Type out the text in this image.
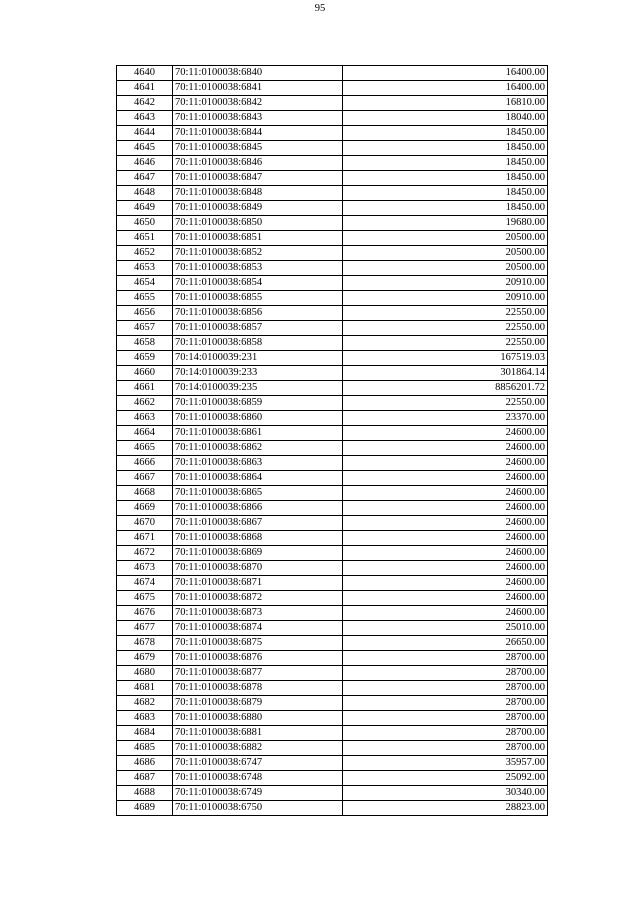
95
4640	70:11:0100038:6840	16400.00
4641	70:11:0100038:6841	16400.00
4642	70:11:0100038:6842	16810.00
4643	70:11:0100038:6843	18040.00
4644	70:11:0100038:6844	18450.00
4645	70:11:0100038:6845	18450.00
4646	70:11:0100038:6846	18450.00
4647	70:11:0100038:6847	18450.00
4648	70:11:0100038:6848	18450.00
4649	70:11:0100038:6849	18450.00
4650	70:11:0100038:6850	19680.00
4651	70:11:0100038:6851	20500.00
4652	70:11:0100038:6852	20500.00
4653	70:11:0100038:6853	20500.00
4654	70:11:0100038:6854	20910.00
4655	70:11:0100038:6855	20910.00
4656	70:11:0100038:6856	22550.00
4657	70:11:0100038:6857	22550.00
4658	70:11:0100038:6858	22550.00
4659	70:14:0100039:231	167519.03
4660	70:14:0100039:233	301864.14
4661	70:14:0100039:235	8856201.72
4662	70:11:0100038:6859	22550.00
4663	70:11:0100038:6860	23370.00
4664	70:11:0100038:6861	24600.00
4665	70:11:0100038:6862	24600.00
4666	70:11:0100038:6863	24600.00
4667	70:11:0100038:6864	24600.00
4668	70:11:0100038:6865	24600.00
4669	70:11:0100038:6866	24600.00
4670	70:11:0100038:6867	24600.00
4671	70:11:0100038:6868	24600.00
4672	70:11:0100038:6869	24600.00
4673	70:11:0100038:6870	24600.00
4674	70:11:0100038:6871	24600.00
4675	70:11:0100038:6872	24600.00
4676	70:11:0100038:6873	24600.00
4677	70:11:0100038:6874	25010.00
4678	70:11:0100038:6875	26650.00
4679	70:11:0100038:6876	28700.00
4680	70:11:0100038:6877	28700.00
4681	70:11:0100038:6878	28700.00
4682	70:11:0100038:6879	28700.00
4683	70:11:0100038:6880	28700.00
4684	70:11:0100038:6881	28700.00
4685	70:11:0100038:6882	28700.00
4686	70:11:0100038:6747	35957.00
4687	70:11:0100038:6748	25092.00
4688	70:11:0100038:6749	30340.00
4689	70:11:0100038:6750	28823.00
